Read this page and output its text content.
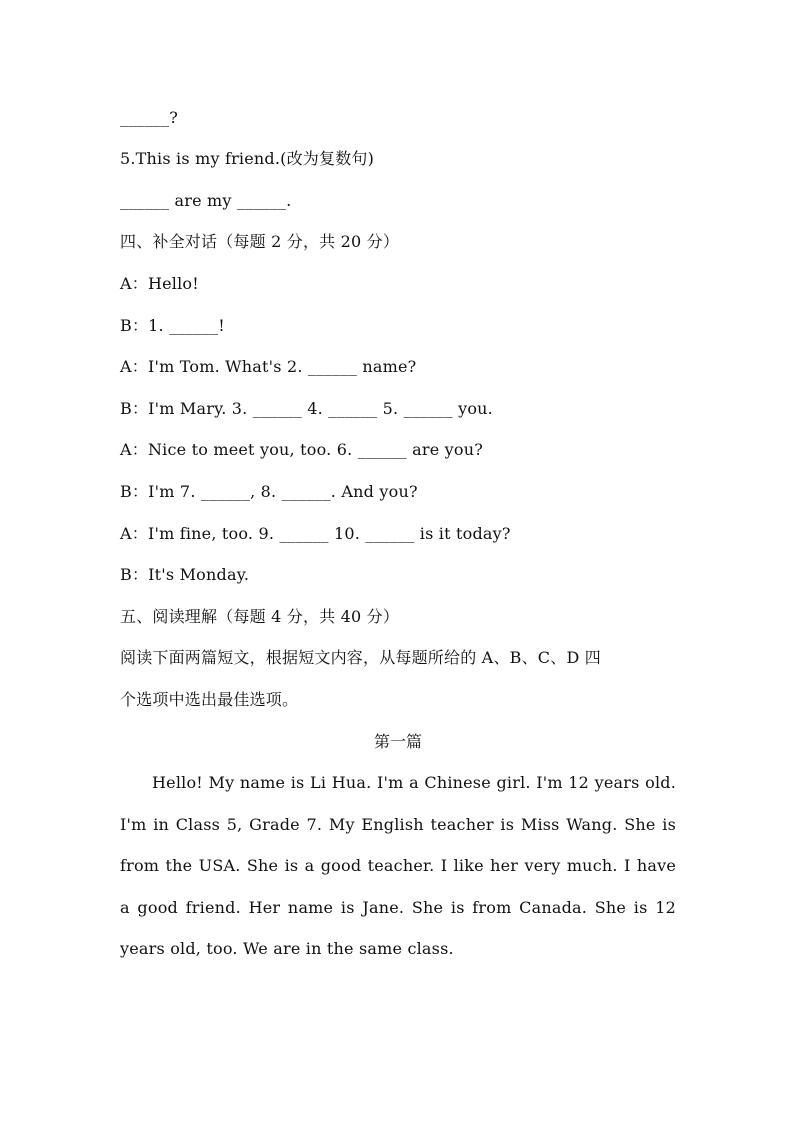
______?
5.This is my friend.(改为复数句)
______ are my ______.
四、补全对话（每题 2 分，共 20 分）
A：Hello!
B：1. ______!
A：I'm Tom. What's 2. ______ name?
B：I'm Mary. 3. ______ 4. ______ 5. ______ you.
A：Nice to meet you, too. 6. ______ are you?
B：I'm 7. ______, 8. ______. And you?
A：I'm fine, too. 9. ______ 10. ______ is it today?
B：It's Monday.
五、阅读理解（每题 4 分，共 40 分）
阅读下面两篇短文，根据短文内容，从每题所给的 A、B、C、D 四
个选项中选出最佳选项。
第一篇
Hello! My name is Li Hua. I'm a Chinese girl. I'm 12 years old. I'm in Class 5, Grade 7. My English teacher is Miss Wang. She is from the USA. She is a good teacher. I like her very much. I have a good friend. Her name is Jane. She is from Canada. She is 12 years old, too. We are in the same class.
